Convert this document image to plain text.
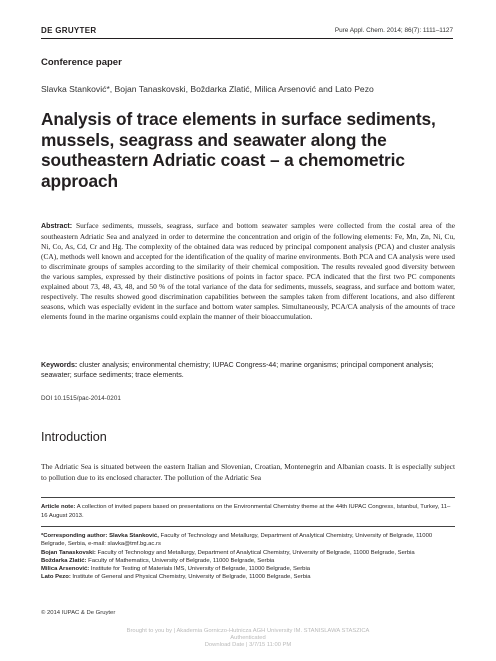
DE GRUYTER	Pure Appl. Chem. 2014; 86(7): 1111–1127
Conference paper
Slavka Stanković*, Bojan Tanaskovski, Boždarka Zlatić, Milica Arsenović and Lato Pezo
Analysis of trace elements in surface sediments, mussels, seagrass and seawater along the southeastern Adriatic coast – a chemometric approach
Abstract: Surface sediments, mussels, seagrass, surface and bottom seawater samples were collected from the costal area of the southeastern Adriatic Sea and analyzed in order to determine the concentration and origin of the following elements: Fe, Mn, Zn, Ni, Cu, Ni, Co, As, Cd, Cr and Hg. The complexity of the obtained data was reduced by principal component analysis (PCA) and cluster analysis (CA), methods well known and accepted for the identification of the quality of marine environments. Both PCA and CA analysis were used to discriminate groups of samples according to the similarity of their chemical composition. The results revealed good diversity between the various samples, expressed by their distinctive positions of points in factor space. PCA indicated that the first two PC components explained about 73, 48, 43, 48, and 50 % of the total variance of the data for sediments, mussels, seagrass, and surface and bottom water, respectively. The results showed good discrimination capabilities between the samples taken from different locations, and also different seasons, which was especially evident in the surface and bottom water samples. Simultaneously, PCA/CA analysis of the amounts of trace elements found in the marine organisms could explain the manner of their bioaccumulation.
Keywords: cluster analysis; environmental chemistry; IUPAC Congress-44; marine organisms; principal component analysis; seawater; surface sediments; trace elements.
DOI 10.1515/pac-2014-0201
Introduction
The Adriatic Sea is situated between the eastern Italian and Slovenian, Croatian, Montenegrin and Albanian coasts. It is especially subject to pollution due to its enclosed character. The pollution of the Adriatic Sea
Article note: A collection of invited papers based on presentations on the Environmental Chemistry theme at the 44th IUPAC Congress, Istanbul, Turkey, 11–16 August 2013.
*Corresponding author: Slavka Stanković, Faculty of Technology and Metallurgy, Department of Analytical Chemistry, University of Belgrade, 11000 Belgrade, Serbia, e-mail: slavka@tmf.bg.ac.rs
Bojan Tanaskovski: Faculty of Technology and Metallurgy, Department of Analytical Chemistry, University of Belgrade, 11000 Belgrade, Serbia
Boždarka Zlatić: Faculty of Mathematics, University of Belgrade, 11000 Belgrade, Serbia
Milica Arsenović: Institute for Testing of Materials IMS, University of Belgrade, 11000 Belgrade, Serbia
Lato Pezo: Institute of General and Physical Chemistry, University of Belgrade, 11000 Belgrade, Serbia
© 2014 IUPAC & De Gruyter
Brought to you by | Akademia Gorniczo-Hutnicza AGH University IM. STANISLAWA STASZICA
Authenticated
Download Date | 3/7/15 11:00 PM
